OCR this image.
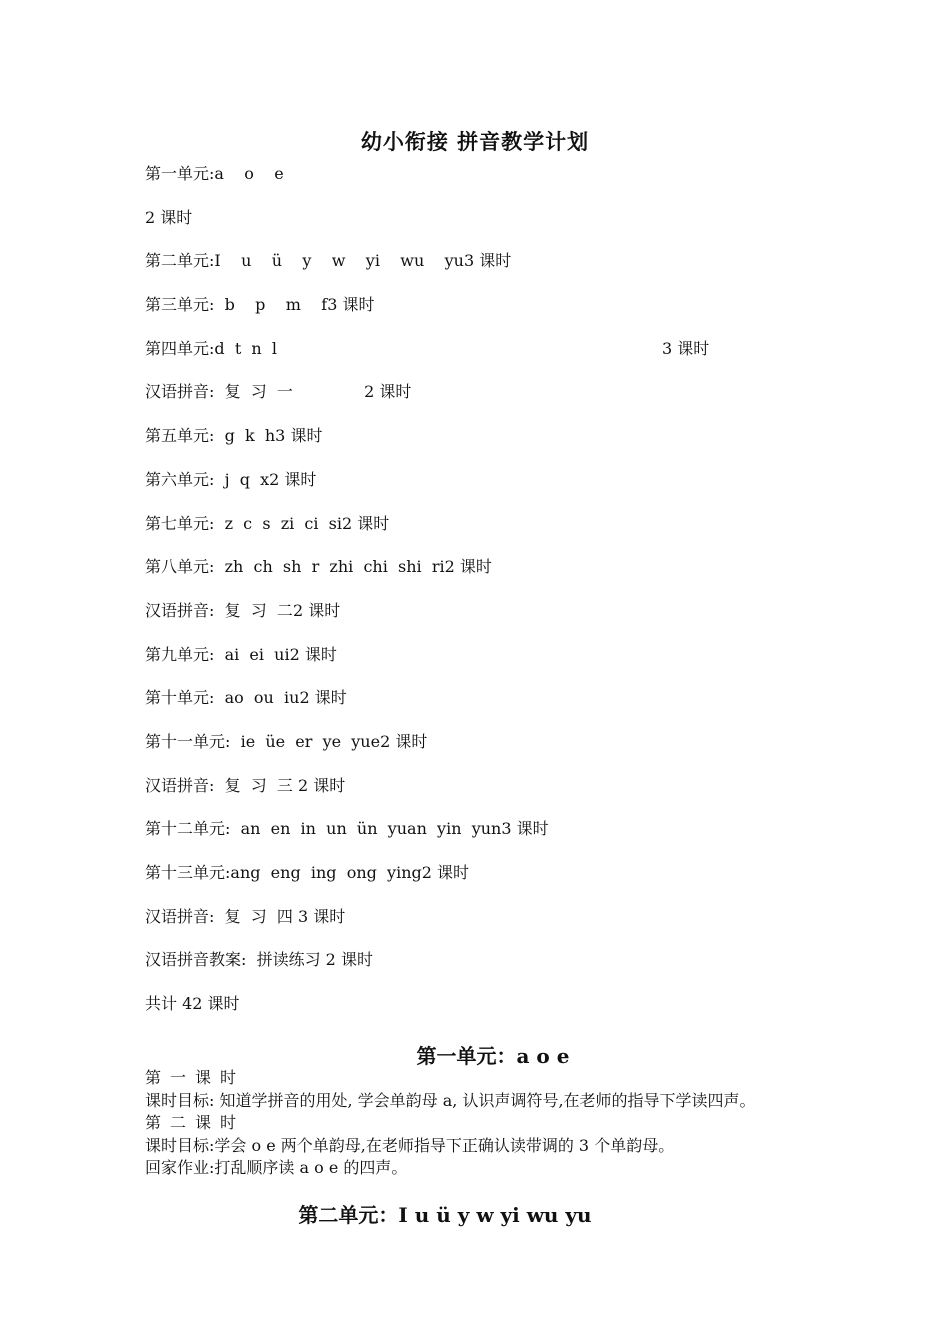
幼小衔接 拼音教学计划
第一单元:a    o    e
2 课时
第二单元:I    u    ü    y    w    yi    wu    yu3 课时
第三单元:  b    p    m    f3 课时
第四单元:d  t  n  l	3 课时
汉语拼音:  复  习  一              2 课时
第五单元:  g  k  h3 课时
第六单元:  j  q  x2 课时
第七单元:  z  c  s  zi  ci  si2 课时
第八单元:  zh  ch  sh  r  zhi  chi  shi  ri2 课时
汉语拼音:  复  习  二2 课时
第九单元:  ai  ei  ui2 课时
第十单元:  ao  ou  iu2 课时
第十一单元:  ie  üe  er  ye  yue2 课时
汉语拼音:  复  习  三 2 课时
第十二单元:  an  en  in  un  ün  yuan  yin  yun3 课时
第十三单元:ang  eng  ing  ong  ying2 课时
汉语拼音:  复  习  四 3 课时
汉语拼音教案:  拼读练习 2 课时
共计 42 课时
第一单元：a o e

第一课时

课时目标: 知道学拼音的用处, 学会单韵母 a, 认识声调符号,在老师的指导下学读四声。

第二课时

课时目标:学会 o e 两个单韵母,在老师指导下正确认读带调的 3 个单韵母。

回家作业:打乱顺序读 a o e 的四声。

第二单元：I u ü y w yi wu yu
